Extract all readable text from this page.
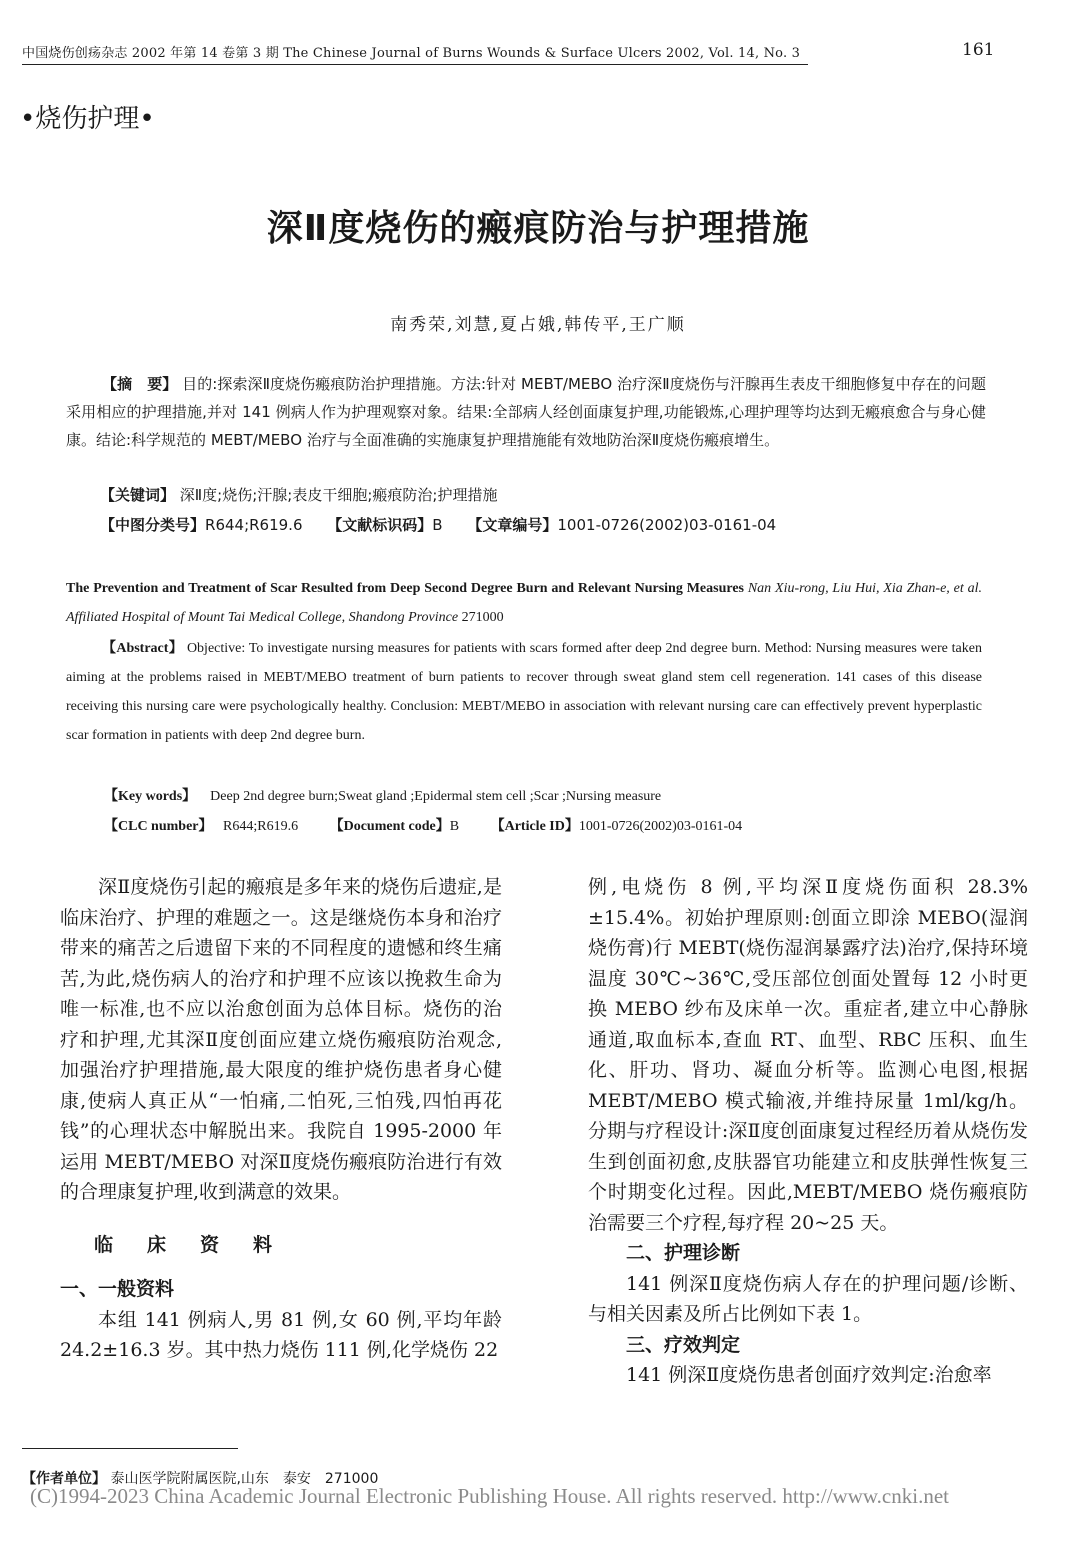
中国烧伤创疡杂志 2002 年第 14 卷第 3 期 The Chinese Journal of Burns Wounds & Surface Ulcers 2002, Vol. 14, No. 3	161
•烧伤护理•
深Ⅱ度烧伤的瘢痕防治与护理措施
南秀荣,刘慧,夏占娥,韩传平,王广顺

【摘　要】 目的:探索深Ⅱ度烧伤瘢痕防治护理措施。方法:针对 MEBT/MEBO 治疗深Ⅱ度烧伤与汗腺再生表皮干细胞修复中存在的问题采用相应的护理措施,并对 141 例病人作为护理观察对象。结果:全部病人经创面康复护理,功能锻炼,心理护理等均达到无瘢痕愈合与身心健康。结论:科学规范的 MEBT/MEBO 治疗与全面准确的实施康复护理措施能有效地防治深Ⅱ度烧伤瘢痕增生。

【关键词】 深Ⅱ度;烧伤;汗腺;表皮干细胞;瘢痕防治;护理措施
【中图分类号】R644;R619.6 【文献标识码】B 【文章编号】1001-0726(2002)03-0161-04
The Prevention and Treatment of Scar Resulted from Deep Second Degree Burn and Relevant Nursing Measures Nan Xiu-rong, Liu Hui, Xia Zhan-e, et al. Affiliated Hospital of Mount Tai Medical College, Shandong Province 271000
【Abstract】 Objective: To investigate nursing measures for patients with scars formed after deep 2nd degree burn. Method: Nursing measures were taken aiming at the problems raised in MEBT/MEBO treatment of burn patients to recover through sweat gland stem cell regeneration. 141 cases of this disease receiving this nursing care were psychologically healthy. Conclusion: MEBT/MEBO in association with relevant nursing care can effectively prevent hyperplastic scar formation in patients with deep 2nd degree burn.
【Key words】 Deep 2nd degree burn;Sweat gland ;Epidermal stem cell ;Scar ;Nursing measure
【CLC number】 R644;R619.6 【Document code】B 【Article ID】1001-0726(2002)03-0161-04

深Ⅱ度烧伤引起的瘢痕是多年来的烧伤后遗症,是临床治疗、护理的难题之一。这是继烧伤本身和治疗带来的痛苦之后遗留下来的不同程度的遗憾和终生痛苦,为此,烧伤病人的治疗和护理不应该以挽救生命为唯一标准,也不应以治愈创面为总体目标。烧伤的治疗和护理,尤其深Ⅱ度创面应建立烧伤瘢痕防治观念,加强治疗护理措施,最大限度的维护烧伤患者身心健康,使病人真正从“一怕痛,二怕死,三怕残,四怕再花钱”的心理状态中解脱出来。我院自 1995-2000 年运用 MEBT/MEBO 对深Ⅱ度烧伤瘢痕防治进行有效的合理康复护理,收到满意的效果。

临床资料

一、一般资料

本组 141 例病人,男 81 例,女 60 例,平均年龄 24.2±16.3 岁。其中热力烧伤 111 例,化学烧伤 22

例,电烧伤 8 例,平均深Ⅱ度烧伤面积 28.3%±15.4%。初始护理原则:创面立即涂 MEBO(湿润烧伤膏)行 MEBT(烧伤湿润暴露疗法)治疗,保持环境温度 30℃~36℃,受压部位创面处置每 12 小时更换 MEBO 纱布及床单一次。重症者,建立中心静脉通道,取血标本,查血 RT、血型、RBC 压积、血生化、肝功、肾功、凝血分析等。监测心电图,根据 MEBT/MEBO 模式输液,并维持尿量 1ml/kg/h。分期与疗程设计:深Ⅱ度创面康复过程经历着从烧伤发生到创面初愈,皮肤器官功能建立和皮肤弹性恢复三个时期变化过程。因此,MEBT/MEBO 烧伤瘢痕防治需要三个疗程,每疗程 20~25 天。

二、护理诊断

141 例深Ⅱ度烧伤病人存在的护理问题/诊断、与相关因素及所占比例如下表 1。

三、疗效判定

141 例深Ⅱ度烧伤患者创面疗效判定:治愈率

【作者单位】 泰山医学院附属医院,山东　泰安　271000
(C)1994-2023 China Academic Journal Electronic Publishing House. All rights reserved. http://www.cnki.net
